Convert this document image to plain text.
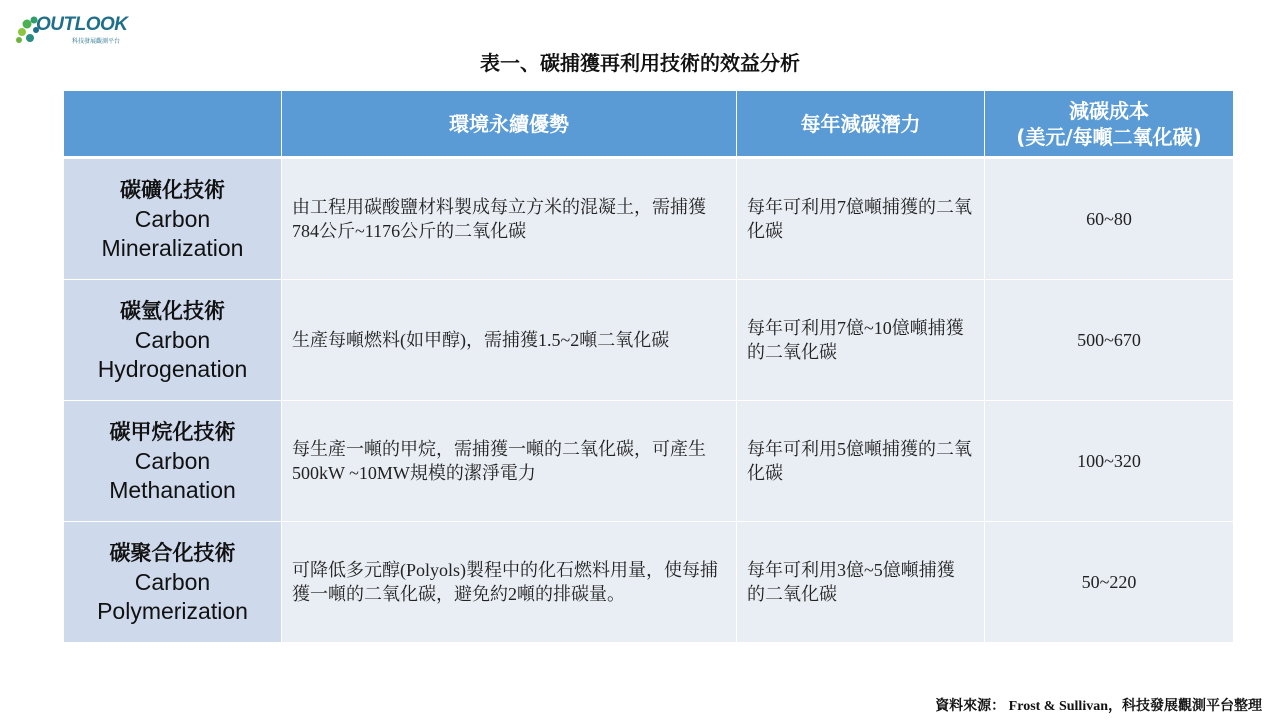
OUTLOOK
科技發展觀測平台
表一、碳捕獲再利用技術的效益分析
	環境永續優勢	每年減碳潛力	減碳成本
(美元/每噸二氧化碳)

碳礦化技術
Carbon
Mineralization	由工程用碳酸鹽材料製成每立方米的混凝土，需捕獲784公斤~1176公斤的二氧化碳	每年可利用7億噸捕獲的二氧化碳	60~80

碳氫化技術
Carbon
Hydrogenation	生產每噸燃料(如甲醇)，需捕獲1.5~2噸二氧化碳	每年可利用7億~10億噸捕獲的二氧化碳	500~670

碳甲烷化技術
Carbon
Methanation	每生產一噸的甲烷，需捕獲一噸的二氧化碳，可產生500kW ~10MW規模的潔淨電力	每年可利用5億噸捕獲的二氧化碳	100~320

碳聚合化技術
Carbon
Polymerization	可降低多元醇(Polyols)製程中的化石燃料用量，使每捕獲一噸的二氧化碳，避免約2噸的排碳量。	每年可利用3億~5億噸捕獲的二氧化碳	50~220
資料來源： Frost & Sullivan，科技發展觀測平台整理
